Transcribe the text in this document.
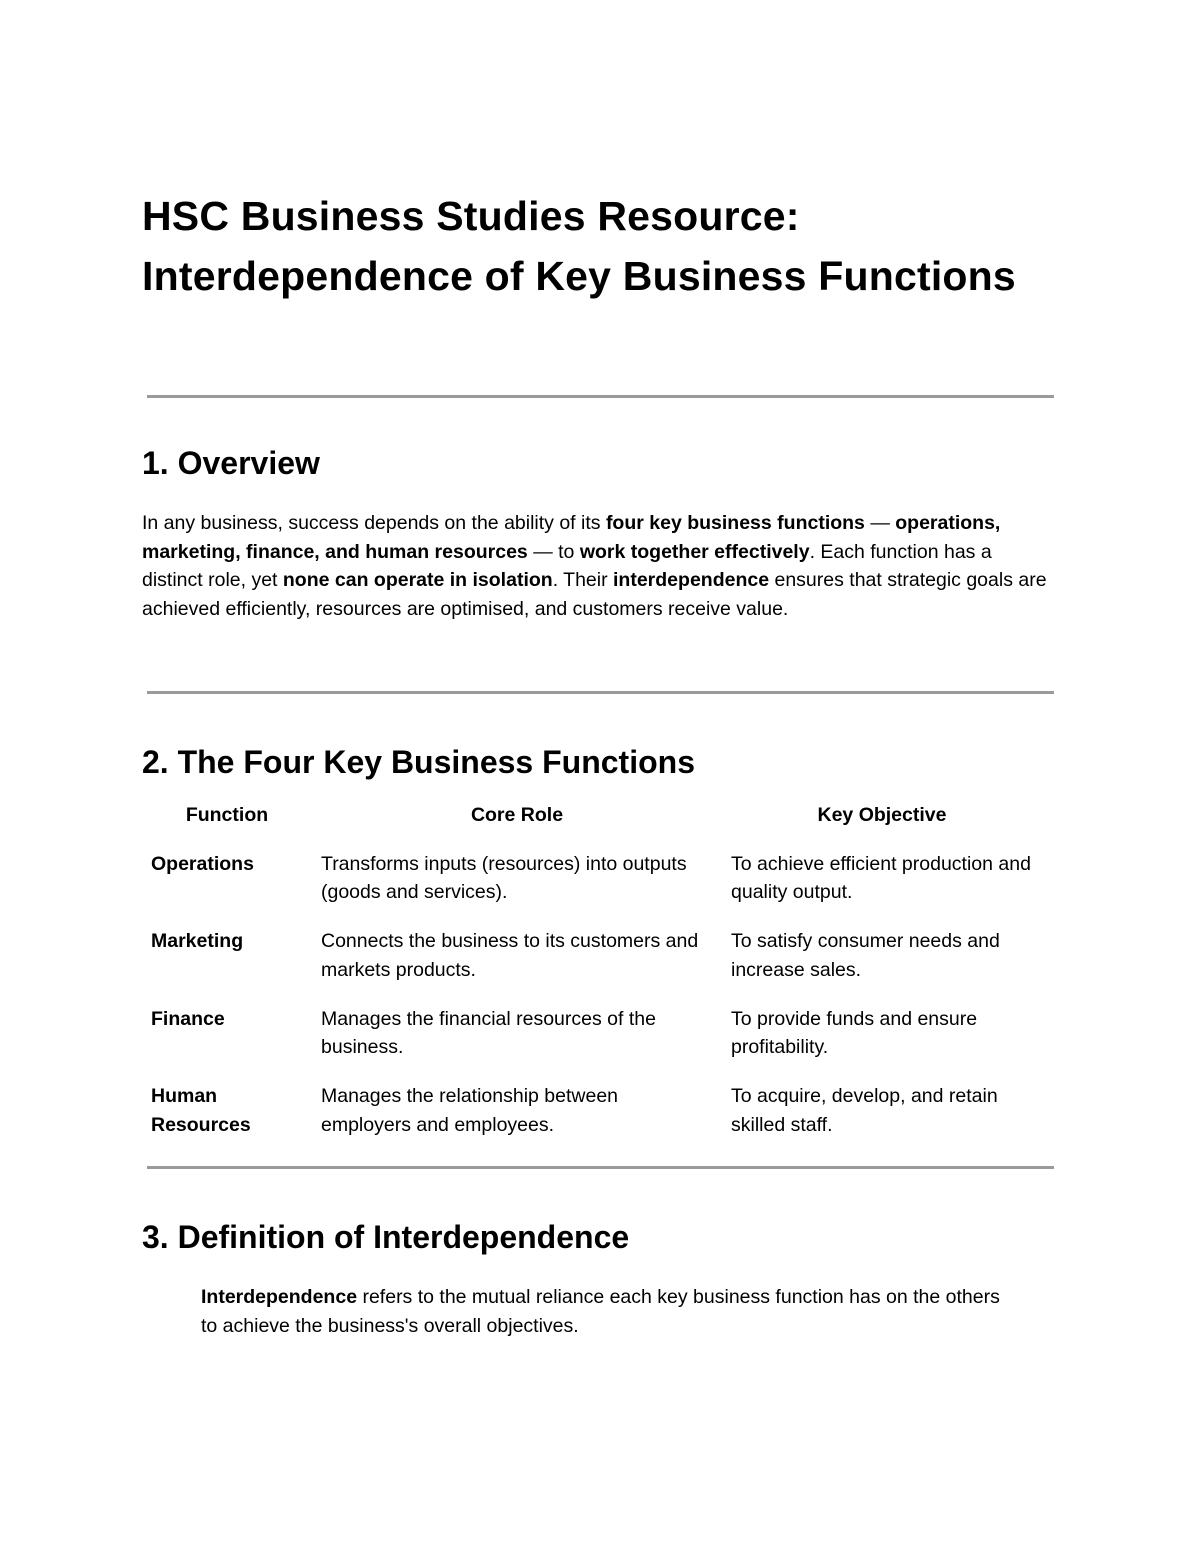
HSC Business Studies Resource: Interdependence of Key Business Functions
1. Overview

In any business, success depends on the ability of its four key business functions — operations, marketing, finance, and human resources — to work together effectively. Each function has a distinct role, yet none can operate in isolation. Their interdependence ensures that strategic goals are achieved efficiently, resources are optimised, and customers receive value.

2. The Four Key Business Functions
Function	Core Role	Key Objective
Operations	Transforms inputs (resources) into outputs (goods and services).	To achieve efficient production and quality output.
Marketing	Connects the business to its customers and markets products.	To satisfy consumer needs and increase sales.
Finance	Manages the financial resources of the business.	To provide funds and ensure profitability.
Human Resources	Manages the relationship between employers and employees.	To acquire, develop, and retain skilled staff.
3. Definition of Interdependence

Interdependence refers to the mutual reliance each key business function has on the others to achieve the business's overall objectives.
